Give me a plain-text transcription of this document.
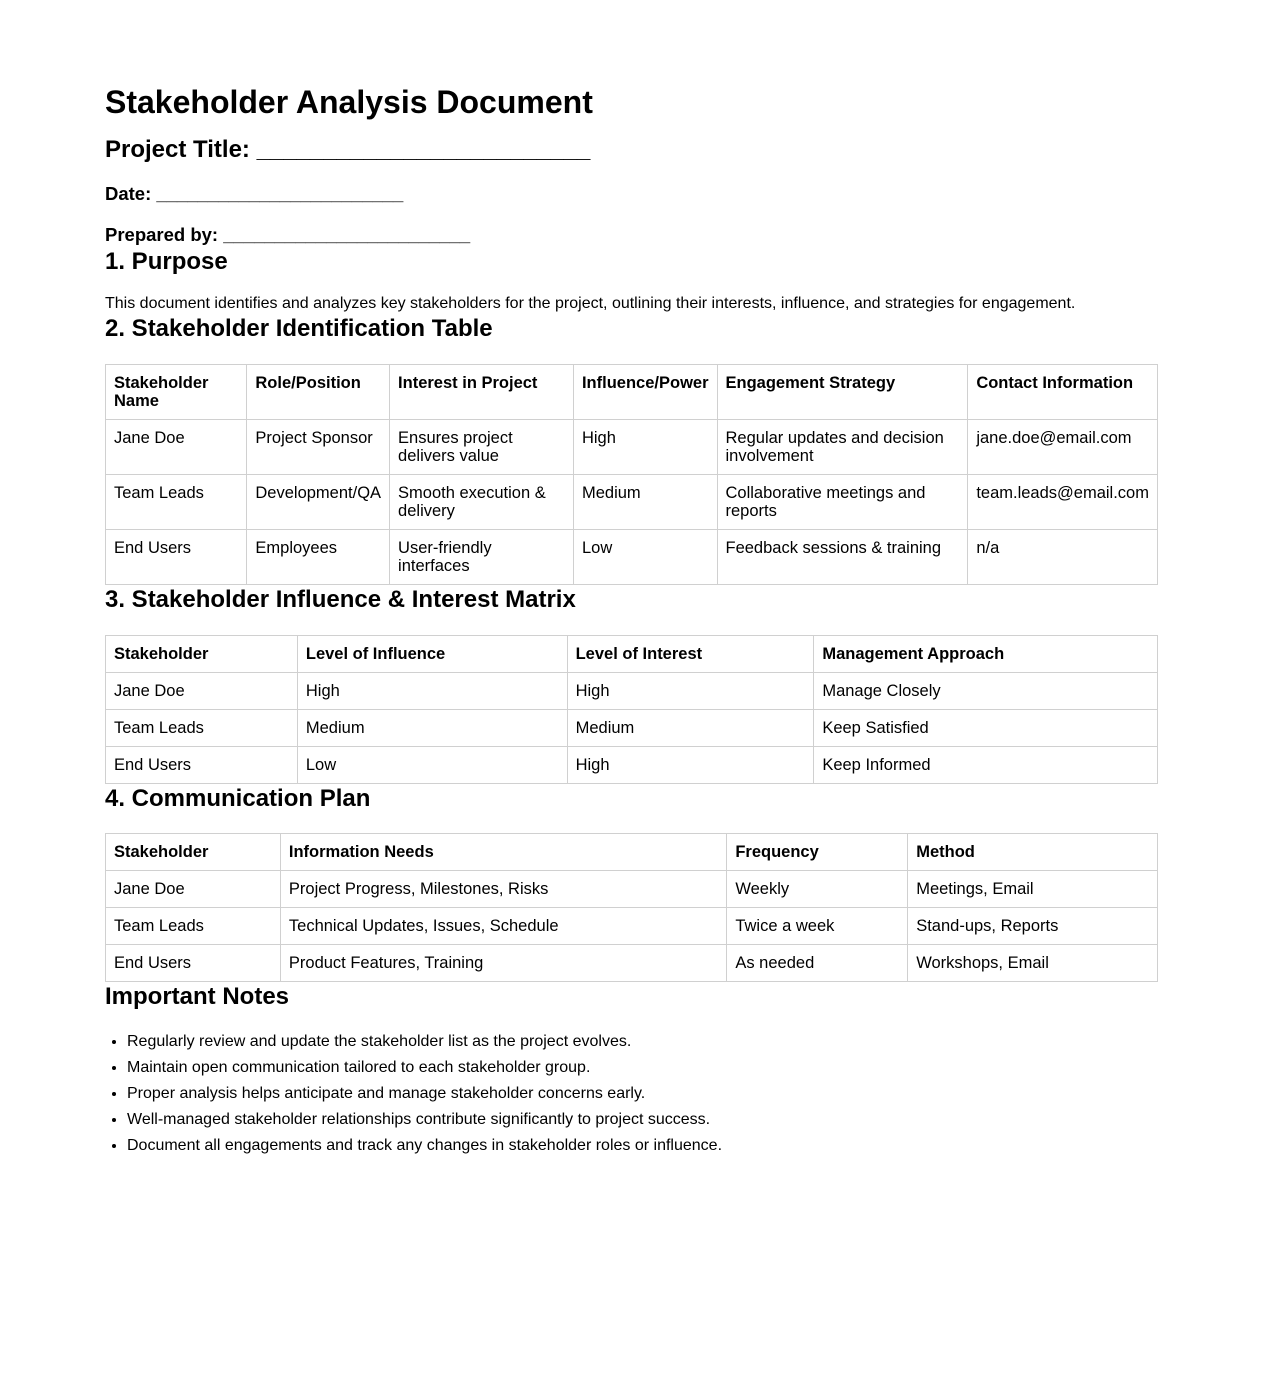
Stakeholder Analysis Document
Project Title: _________________________
Date: ________________________
Prepared by: ________________________
1. Purpose

This document identifies and analyzes key stakeholders for the project, outlining their interests, influence, and strategies for engagement.

2. Stakeholder Identification Table
Stakeholder Name	Role/Position	Interest in Project	Influence/Power	Engagement Strategy	Contact Information
Jane Doe	Project Sponsor	Ensures project delivers value	High	Regular updates and decision involvement	jane.doe@email.com
Team Leads	Development/QA	Smooth execution & delivery	Medium	Collaborative meetings and reports	team.leads@email.com
End Users	Employees	User-friendly interfaces	Low	Feedback sessions & training	n/a
3. Stakeholder Influence & Interest Matrix
Stakeholder	Level of Influence	Level of Interest	Management Approach
Jane Doe	High	High	Manage Closely
Team Leads	Medium	Medium	Keep Satisfied
End Users	Low	High	Keep Informed
4. Communication Plan
Stakeholder	Information Needs	Frequency	Method
Jane Doe	Project Progress, Milestones, Risks	Weekly	Meetings, Email
Team Leads	Technical Updates, Issues, Schedule	Twice a week	Stand-ups, Reports
End Users	Product Features, Training	As needed	Workshops, Email
Important Notes
• Regularly review and update the stakeholder list as the project evolves.
• Maintain open communication tailored to each stakeholder group.
• Proper analysis helps anticipate and manage stakeholder concerns early.
• Well-managed stakeholder relationships contribute significantly to project success.
• Document all engagements and track any changes in stakeholder roles or influence.
